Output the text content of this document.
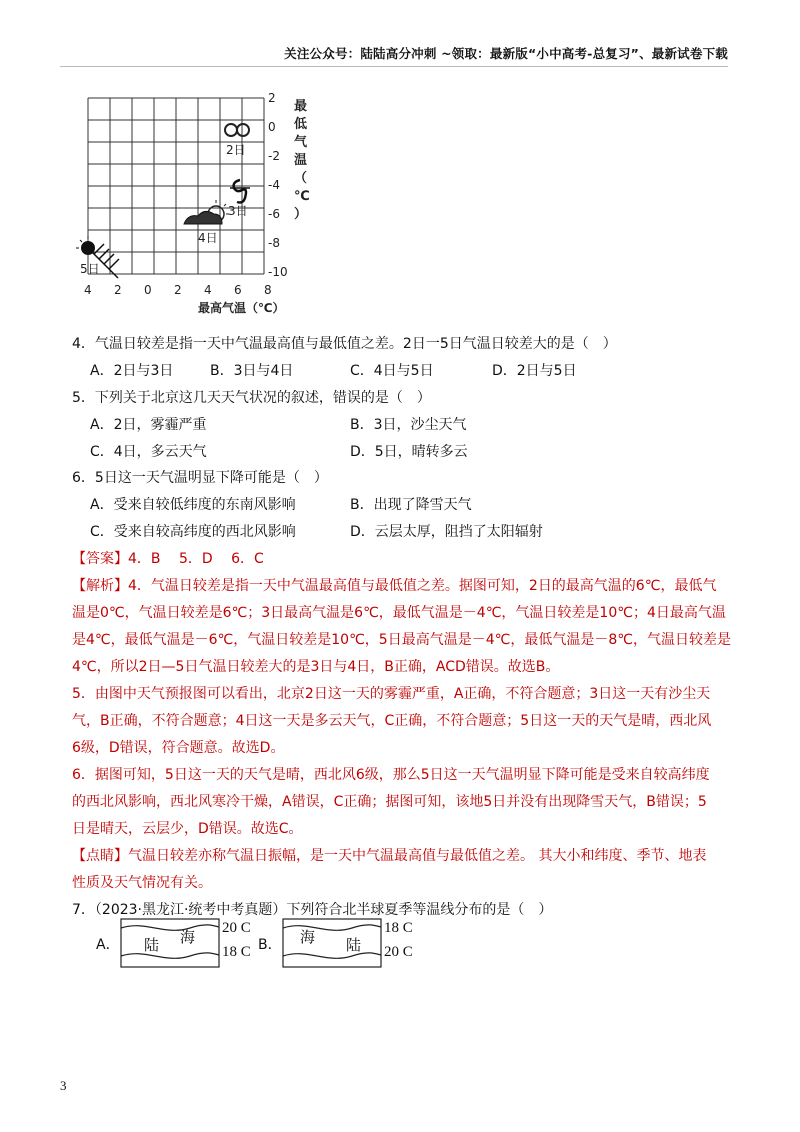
关注公众号：陆陆高分冲刺 ~领取：最新版“小中高考-总复习”、最新试卷下载
4 2 0 2 4 6 8
2
0
-2
-4
-6
-8
-10
2日
3日
4日
5日
最高气温（℃）
最
低
气
温
（
℃
）
4．气温日较差是指一天中气温最高值与最低值之差。2日一5日气温日较差大的是（　）
A．2日与3日	B．3日与4日	C．4日与5日	D．2日与5日
5．下列关于北京这几天天气状况的叙述，错误的是（　）
A．2日，雾霾严重	B．3日，沙尘天气
C．4日，多云天气	D．5日，晴转多云
6．5日这一天气温明显下降可能是（　）
A．受来自较低纬度的东南风影响	B．出现了降雪天气
C．受来自较高纬度的西北风影响	D．云层太厚，阻挡了太阳辐射
【答案】4．B　 5．D　 6．C
【解析】4．气温日较差是指一天中气温最高值与最低值之差。据图可知，2日的最高气温的6℃，最低气
温是0℃，气温日较差是6℃；3日最高气温是6℃，最低气温是－4℃，气温日较差是10℃；4日最高气温
是4℃，最低气温是－6℃，气温日较差是10℃，5日最高气温是－4℃，最低气温是－8℃，气温日较差是
4℃，所以2日—5日气温日较差大的是3日与4日，B正确，ACD错误。故选B。
5．由图中天气预报图可以看出，北京2日这一天的雾霾严重，A正确，不符合题意；3日这一天有沙尘天
气，B正确，不符合题意；4日这一天是多云天气，C正确，不符合题意；5日这一天的天气是晴，西北风
6级，D错误，符合题意。故选D。
6．据图可知，5日这一天的天气是晴，西北风6级，那么5日这一天气温明显下降可能是受来自较高纬度
的西北风影响，西北风寒冷干燥，A错误，C正确；据图可知，该地5日并没有出现降雪天气，B错误；5
日是晴天，云层少，D错误。故选C。
【点睛】气温日较差亦称气温日振幅，是一天中气温最高值与最低值之差。 其大小和纬度、季节、地表
性质及天气情况有关。
7．（2023·黑龙江·统考中考真题）下列符合北半球夏季等温线分布的是（　）
A． 陆 海
20 C
18 C B． 海 陆
18 C
20 C
3
